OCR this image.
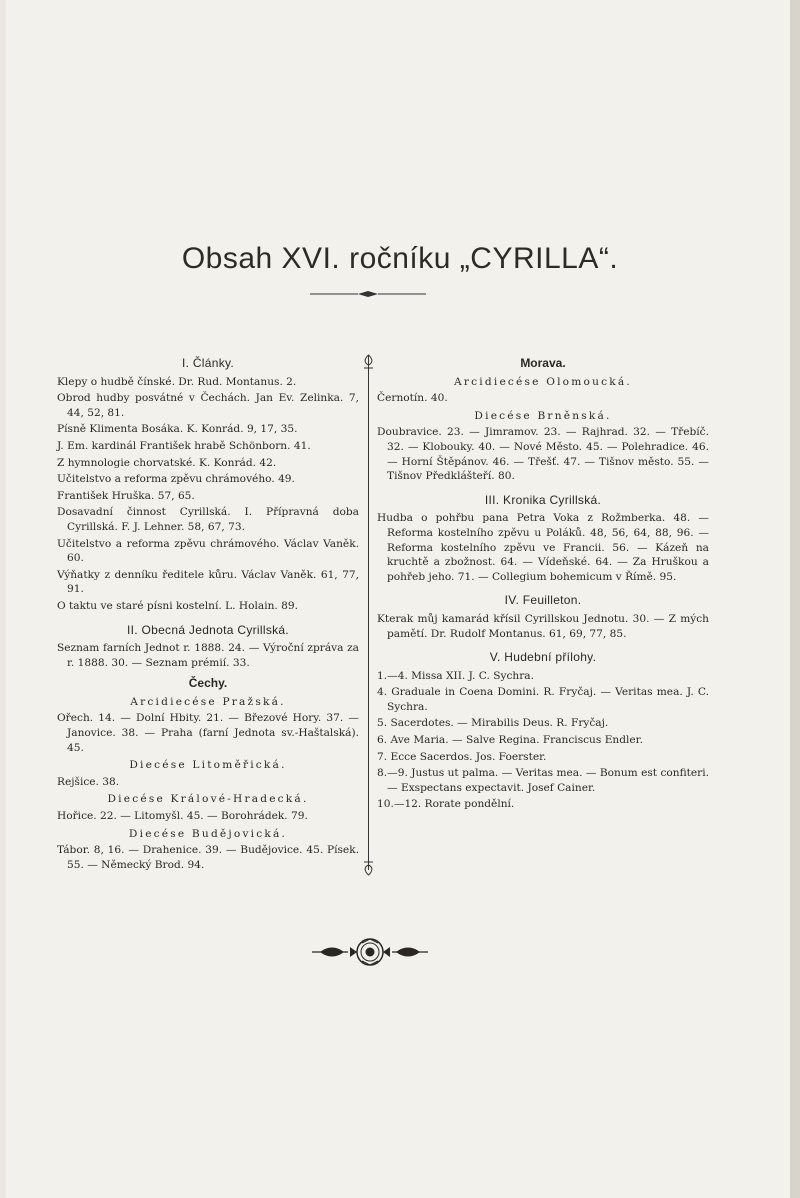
Obsah XVI. ročníku „CYRILLA“.
I. Články.
Klepy o hudbě čínské. Dr. Rud. Montanus. 2.
Obrod hudby posvátné v Čechách. Jan Ev. Zelinka. 7, 44, 52, 81.
Písně Klimenta Bosáka. K. Konrád. 9, 17, 35.
J. Em. kardinál František hrabě Schönborn. 41.
Z hymnologie chorvatské. K. Konrád. 42.
Učitelstvo a reforma zpěvu chrámového. 49.
František Hruška. 57, 65.
Dosavadní činnost Cyrillská. I. Přípravná doba Cyrillská. F. J. Lehner. 58, 67, 73.
Učitelstvo a reforma zpěvu chrámového. Václav Vaněk. 60.
Výňatky z denníku ředitele kůru. Václav Vaněk. 61, 77, 91.
O taktu ve staré písni kostelní. L. Holain. 89.
II. Obecná Jednota Cyrillská.
Seznam farních Jednot r. 1888. 24. — Výroční zpráva za r. 1888. 30. — Seznam prémií. 33.
Čechy.
Arcidiecése Pražská.
Ořech. 14. — Dolní Hbity. 21. — Březové Hory. 37. — Janovice. 38. — Praha (farní Jednota sv.-Haštalská). 45.
Diecése Litoměřická.
Rejšice. 38.
Diecése Králové-Hradecká.
Hořice. 22. — Litomyšl. 45. — Borohrádek. 79.
Diecése Budějovická.
Tábor. 8, 16. — Drahenice. 39. — Budějovice. 45. Písek. 55. — Německý Brod. 94.
Morava.
Arcidiecése Olomoucká.
Černotín. 40.
Diecése Brněnská.
Doubravice. 23. — Jimramov. 23. — Rajhrad. 32. — Třebíč. 32. — Klobouky. 40. — Nové Město. 45. — Polehradice. 46. — Horní Štěpánov. 46. — Třešť. 47. — Tišnov město. 55. — Tišnov Předklášteří. 80.
III. Kronika Cyrillská.
Hudba o pohřbu pana Petra Voka z Rožmberka. 48. — Reforma kostelního zpěvu u Poláků. 48, 56, 64, 88, 96. — Reforma kostelního zpěvu ve Francii. 56. — Kázeň na kruchtě a zbožnost. 64. — Vídeňské. 64. — Za Hruškou a pohřeb jeho. 71. — Collegium bohemicum v Římě. 95.
IV. Feuilleton.
Kterak můj kamarád křísil Cyrillskou Jednotu. 30. — Z mých pamětí. Dr. Rudolf Montanus. 61, 69, 77, 85.
V. Hudební přílohy.
1.—4. Missa XII. J. C. Sychra.
4. Graduale in Coena Domini. R. Fryčaj. — Veritas mea. J. C. Sychra.
5. Sacerdotes. — Mirabilis Deus. R. Fryčaj.
6. Ave Maria. — Salve Regina. Franciscus Endler.
7. Ecce Sacerdos. Jos. Foerster.
8.—9. Justus ut palma. — Veritas mea. — Bonum est confiteri. — Exspectans expectavit. Josef Cainer.
10.—12. Rorate pondělní.
